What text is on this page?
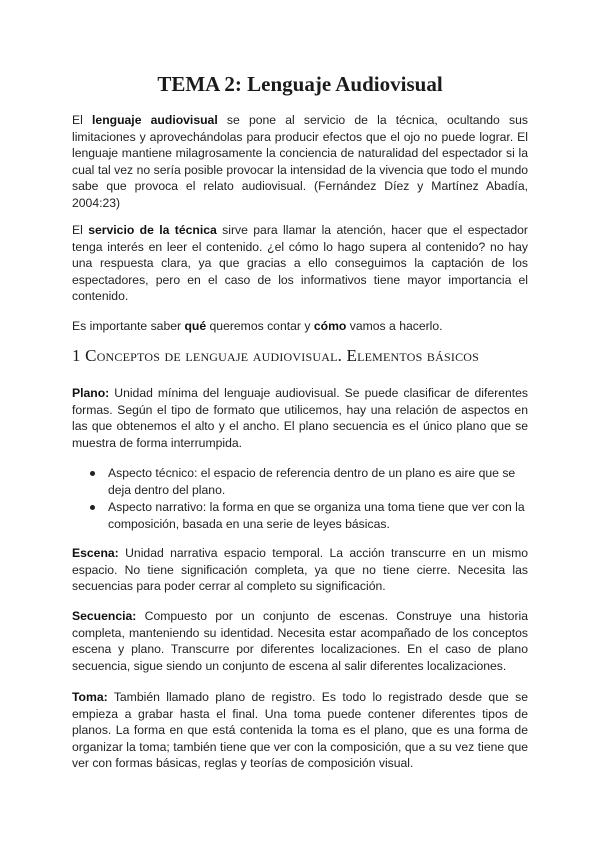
TEMA 2: Lenguaje Audiovisual

El lenguaje audiovisual se pone al servicio de la técnica, ocultando sus limitaciones y aprovechándolas para producir efectos que el ojo no puede lograr. El lenguaje mantiene milagrosamente la conciencia de naturalidad del espectador si la cual tal vez no sería posible provocar la intensidad de la vivencia que todo el mundo sabe que provoca el relato audiovisual. (Fernández Díez y Martínez Abadía, 2004:23)

El servicio de la técnica sirve para llamar la atención, hacer que el espectador tenga interés en leer el contenido. ¿el cómo lo hago supera al contenido? no hay una respuesta clara, ya que gracias a ello conseguimos la captación de los espectadores, pero en el caso de los informativos tiene mayor importancia el contenido.

Es importante saber qué queremos contar y cómo vamos a hacerlo.

1 Conceptos de lenguaje audiovisual. Elementos básicos

Plano: Unidad mínima del lenguaje audiovisual. Se puede clasificar de diferentes formas. Según el tipo de formato que utilicemos, hay una relación de aspectos en las que obtenemos el alto y el ancho. El plano secuencia es el único plano que se muestra de forma interrumpida.

Aspecto técnico: el espacio de referencia dentro de un plano es aire que se deja dentro del plano.
Aspecto narrativo: la forma en que se organiza una toma tiene que ver con la composición, basada en una serie de leyes básicas.

Escena: Unidad narrativa espacio temporal. La acción transcurre en un mismo espacio. No tiene significación completa, ya que no tiene cierre. Necesita las secuencias para poder cerrar al completo su significación.

Secuencia: Compuesto por un conjunto de escenas. Construye una historia completa, manteniendo su identidad. Necesita estar acompañado de los conceptos escena y plano. Transcurre por diferentes localizaciones. En el caso de plano secuencia, sigue siendo un conjunto de escena al salir diferentes localizaciones.

Toma: También llamado plano de registro. Es todo lo registrado desde que se empieza a grabar hasta el final. Una toma puede contener diferentes tipos de planos. La forma en que está contenida la toma es el plano, que es una forma de organizar la toma; también tiene que ver con la composición, que a su vez tiene que ver con formas básicas, reglas y teorías de composición visual.
